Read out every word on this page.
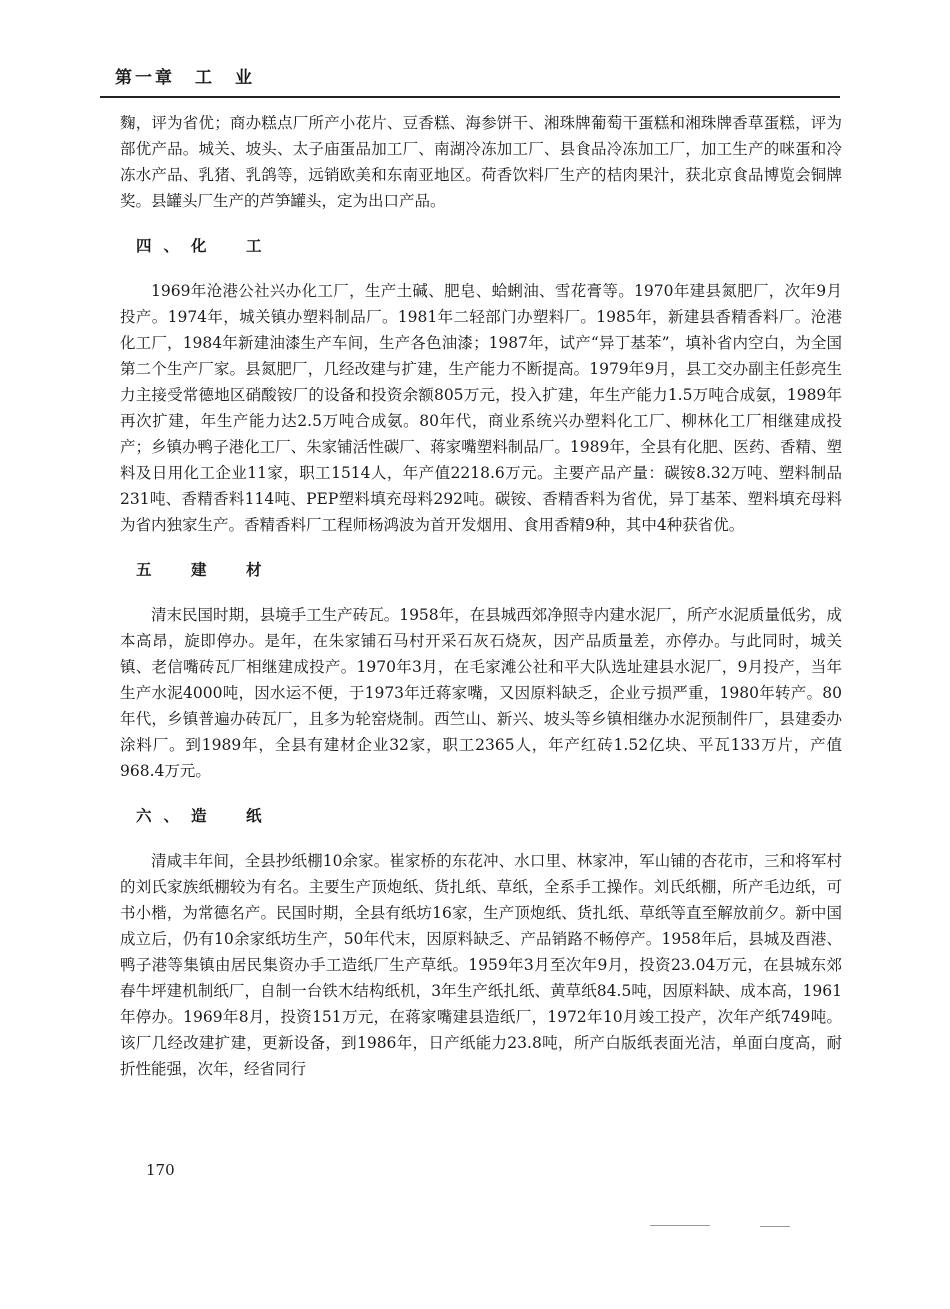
第一章　工　业

麴，评为省优；商办糕点厂所产小花片、豆香糕、海参饼干、湘珠牌葡萄干蛋糕和湘珠牌香草蛋糕，评为部优产品。城关、坡头、太子庙蛋品加工厂、南湖冷冻加工厂、县食品冷冻加工厂，加工生产的咪蛋和冷冻水产品、乳猪、乳鸽等，远销欧美和东南亚地区。荷香饮料厂生产的桔肉果汁，获北京食品博览会铜牌奖。县罐头厂生产的芦笋罐头，定为出口产品。

四、化　工

1969年沧港公社兴办化工厂，生产土碱、肥皂、蛤蜊油、雪花膏等。1970年建县氮肥厂，次年9月投产。1974年，城关镇办塑料制品厂。1981年二轻部门办塑料厂。1985年，新建县香精香料厂。沧港化工厂，1984年新建油漆生产车间，生产各色油漆；1987年，试产“异丁基苯”，填补省内空白，为全国第二个生产厂家。县氮肥厂，几经改建与扩建，生产能力不断提高。1979年9月，县工交办副主任彭亮生力主接受常德地区硝酸铵厂的设备和投资余额805万元，投入扩建，年生产能力1.5万吨合成氨，1989年再次扩建，年生产能力达2.5万吨合成氨。80年代，商业系统兴办塑料化工厂、柳林化工厂相继建成投产；乡镇办鸭子港化工厂、朱家铺活性碳厂、蒋家嘴塑料制品厂。1989年，全县有化肥、医药、香精、塑料及日用化工企业11家，职工1514人，年产值2218.6万元。主要产品产量：碳铵8.32万吨、塑料制品231吨、香精香料114吨、PEP塑料填充母料292吨。碳铵、香精香料为省优，异丁基苯、塑料填充母料为省内独家生产。香精香料厂工程师杨鸿波为首开发烟用、食用香精9种，其中4种获省优。

五　建　材

清末民国时期，县境手工生产砖瓦。1958年，在县城西郊净照寺内建水泥厂，所产水泥质量低劣，成本高昂，旋即停办。是年，在朱家铺石马村开采石灰石烧灰，因产品质量差，亦停办。与此同时，城关镇、老信嘴砖瓦厂相继建成投产。1970年3月，在毛家滩公社和平大队选址建县水泥厂，9月投产，当年生产水泥4000吨，因水运不便，于1973年迁蒋家嘴，又因原料缺乏，企业亏损严重，1980年转产。80年代，乡镇普遍办砖瓦厂，且多为轮窑烧制。西竺山、新兴、坡头等乡镇相继办水泥预制件厂，县建委办涂料厂。到1989年，全县有建材企业32家，职工2365人，年产红砖1.52亿块、平瓦133万片，产值968.4万元。

六、造　纸

清咸丰年间，全县抄纸棚10余家。崔家桥的东花冲、水口里、林家冲，军山铺的杏花市，三和将军村的刘氏家族纸棚较为有名。主要生产顶炮纸、货扎纸、草纸，全系手工操作。刘氏纸棚，所产毛边纸，可书小楷，为常德名产。民国时期，全县有纸坊16家，生产顶炮纸、货扎纸、草纸等直至解放前夕。新中国成立后，仍有10余家纸坊生产，50年代末，因原料缺乏、产品销路不畅停产。1958年后，县城及酉港、鸭子港等集镇由居民集资办手工造纸厂生产草纸。1959年3月至次年9月，投资23.04万元，在县城东郊春牛坪建机制纸厂，自制一台铁木结构纸机，3年生产纸扎纸、黄草纸84.5吨，因原料缺、成本高，1961年停办。1969年8月，投资151万元，在蒋家嘴建县造纸厂，1972年10月竣工投产，次年产纸749吨。该厂几经改建扩建，更新设备，到1986年，日产纸能力23.8吨，所产白版纸表面光洁，单面白度高，耐折性能强，次年，经省同行

170
